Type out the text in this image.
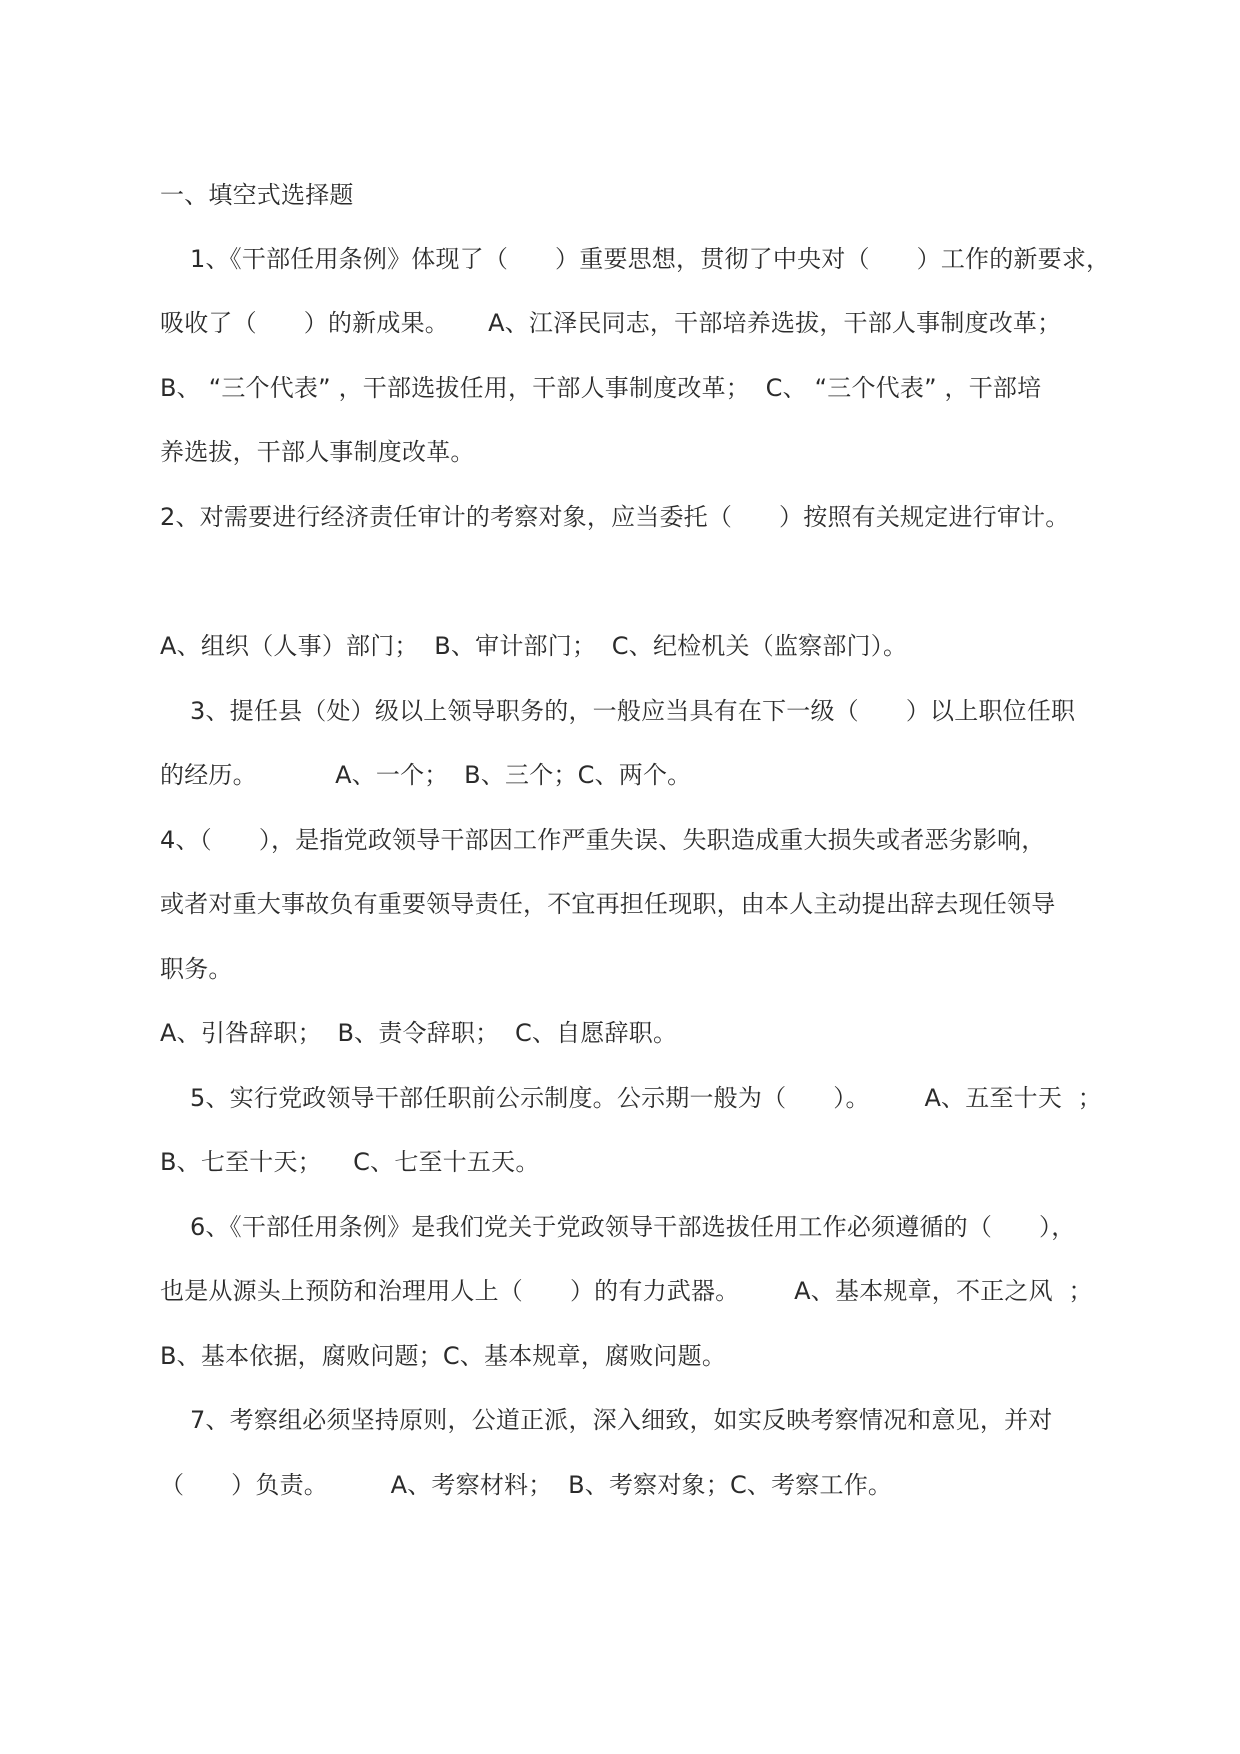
一、填空式选择题
1、《干部任用条例》体现了（      ）重要思想，贯彻了中央对（      ）工作的新要求，
吸收了（      ）的新成果。     A、江泽民同志，干部培养选拔，干部人事制度改革；
B、 “三个代表” ，干部选拔任用，干部人事制度改革；  C、 “三个代表” ，干部培
养选拔，干部人事制度改革。
2、对需要进行经济责任审计的考察对象，应当委托（      ）按照有关规定进行审计。
A、组织（人事）部门；  B、审计部门；  C、纪检机关（监察部门）。
3、提任县（处）级以上领导职务的，一般应当具有在下一级（      ）以上职位任职
的经历。          A、一个；  B、三个；C、两个。
4、（      ），是指党政领导干部因工作严重失误、失职造成重大损失或者恶劣影响，
或者对重大事故负有重要领导责任，不宜再担任现职，由本人主动提出辞去现任领导
职务。
A、引咎辞职；  B、责令辞职；  C、自愿辞职。
5、实行党政领导干部任职前公示制度。公示期一般为（      ）。       A、五至十天  ；
B、七至十天；    C、七至十五天。
6、《干部任用条例》是我们党关于党政领导干部选拔任用工作必须遵循的（      ），
也是从源头上预防和治理用人上（      ）的有力武器。       A、基本规章，不正之风  ；
B、基本依据，腐败问题；C、基本规章，腐败问题。
7、考察组必须坚持原则，公道正派，深入细致，如实反映考察情况和意见，并对
（      ）负责。        A、考察材料；  B、考察对象；C、考察工作。
